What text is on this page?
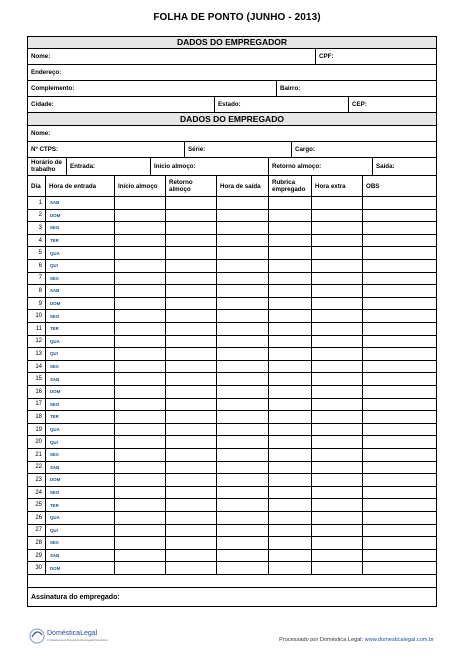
FOLHA DE PONTO (JUNHO - 2013)
DADOS DO EMPREGADOR
Nome:	CPF:
Endereço:
Complemento:	Bairro:
Cidade:	Estado:	CEP:
DADOS DO EMPREGADO
Nome:
Nº CTPS:	Série:	Cargo:
Horário de trabalho	Entrada:	Início almoço:	Retorno almoço:	Saída:
Dia	Hora de entrada	Início almoço	Retorno almoço	Hora de saída	Rubrica empregado	Hora extra	OBS
1	SAB
2	DOM
3	SEG
4	TER
5	QUA
6	QUI
7	SEX
8	SAB
9	DOM
10	SEG
11	TER
12	QUA
13	QUI
14	SEX
15	SAB
16	DOM
17	SEG
18	TER
19	QUA
20	QUI
21	SEX
22	SAB
23	DOM
24	SEG
25	TER
26	QUA
27	QUI
28	SEX
29	SAB
30	DOM
Assinatura do empregado:
DomésticaLegal
O Departamento Pessoal do Empregador Doméstico	Processado por Doméstica Legal: www.domesticalegal.com.br
